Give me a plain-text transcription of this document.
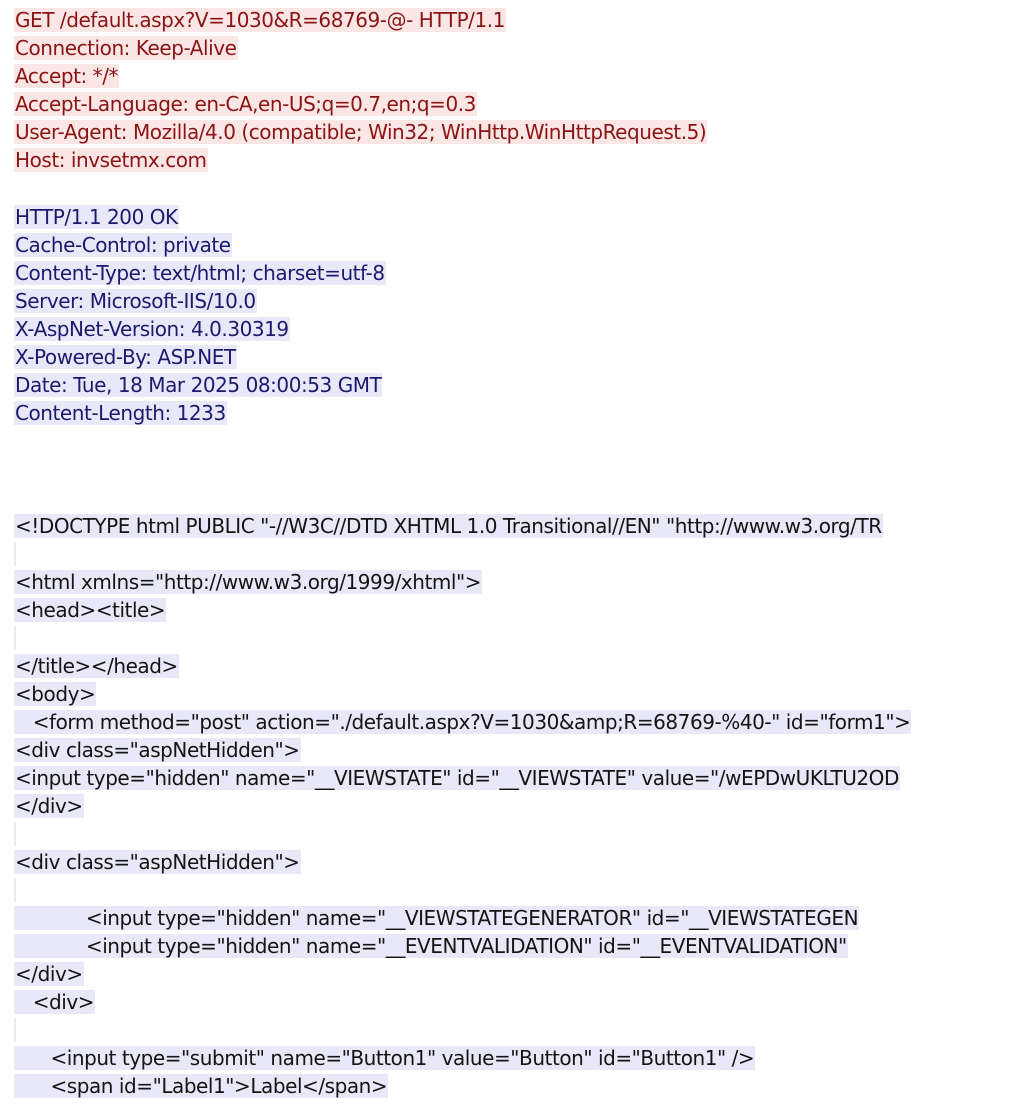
GET /default.aspx?V=1030&R=68769-@- HTTP/1.1
Connection: Keep-Alive
Accept: */*
Accept-Language: en-CA,en-US;q=0.7,en;q=0.3
User-Agent: Mozilla/4.0 (compatible; Win32; WinHttp.WinHttpRequest.5)
Host: invsetmx.com
HTTP/1.1 200 OK
Cache-Control: private
Content-Type: text/html; charset=utf-8
Server: Microsoft-IIS/10.0
X-AspNet-Version: 4.0.30319
X-Powered-By: ASP.NET
Date: Tue, 18 Mar 2025 08:00:53 GMT
Content-Length: 1233
<!DOCTYPE html PUBLIC "-//W3C//DTD XHTML 1.0 Transitional//EN" "http://www.w3.org/TR
<html xmlns="http://www.w3.org/1999/xhtml">
<head><title>
</title></head>
<body>
<form method="post" action="./default.aspx?V=1030&amp;R=68769-%40-" id="form1">
<div class="aspNetHidden">
<input type="hidden" name="__VIEWSTATE" id="__VIEWSTATE" value="/wEPDwUKLTU2OD
</div>
<div class="aspNetHidden">
<input type="hidden" name="__VIEWSTATEGENERATOR" id="__VIEWSTATEGEN
<input type="hidden" name="__EVENTVALIDATION" id="__EVENTVALIDATION"
</div>
<div>
<input type="submit" name="Button1" value="Button" id="Button1" />
<span id="Label1">Label</span>
